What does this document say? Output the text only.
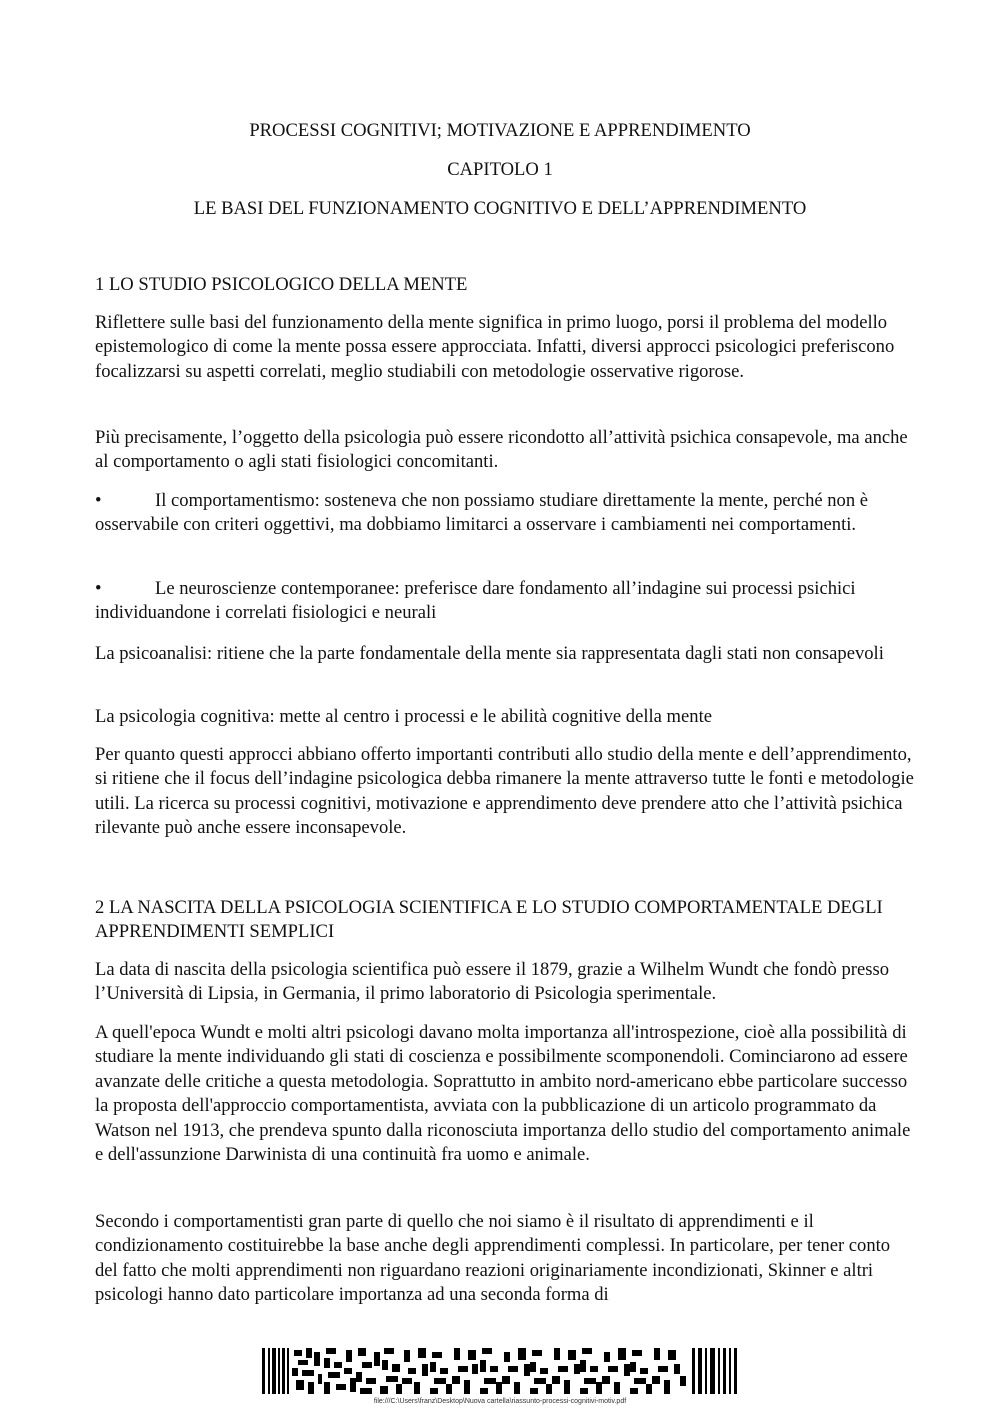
PROCESSI COGNITIVI; MOTIVAZIONE E APPRENDIMENTO
CAPITOLO 1
LE BASI DEL FUNZIONAMENTO COGNITIVO E DELL’APPRENDIMENTO
1 LO STUDIO PSICOLOGICO DELLA MENTE

Riflettere sulle basi del funzionamento della mente significa in primo luogo, porsi il problema del modello epistemologico di come la mente possa essere approcciata. Infatti, diversi approcci psicologici preferiscono focalizzarsi su aspetti correlati, meglio studiabili con metodologie osservative rigorose.

Più precisamente, l’oggetto della psicologia può essere ricondotto all’attività psichica consapevole, ma anche al comportamento o agli stati fisiologici concomitanti.

•	Il comportamentismo: sosteneva che non possiamo studiare direttamente la mente, perché non è osservabile con criteri oggettivi, ma dobbiamo limitarci a osservare i cambiamenti nei comportamenti.
•	Le neuroscienze contemporanee: preferisce dare fondamento all’indagine sui processi psichici individuandone i correlati fisiologici e neurali

La psicoanalisi: ritiene che la parte fondamentale della mente sia rappresentata dagli stati non consapevoli

La psicologia cognitiva: mette al centro i processi e le abilità cognitive della mente

Per quanto questi approcci abbiano offerto importanti contributi allo studio della mente e dell’apprendimento, si ritiene che il focus dell’indagine psicologica debba rimanere la mente attraverso tutte le fonti e metodologie utili. La ricerca su processi cognitivi, motivazione e apprendimento deve prendere atto che l’attività psichica rilevante può anche essere inconsapevole.

2 LA NASCITA DELLA PSICOLOGIA SCIENTIFICA E LO STUDIO COMPORTAMENTALE DEGLI APPRENDIMENTI SEMPLICI

La data di nascita della psicologia scientifica può essere il 1879, grazie a Wilhelm Wundt che fondò presso l’Università di Lipsia, in Germania, il primo laboratorio di Psicologia sperimentale.

A quell'epoca Wundt e molti altri psicologi davano molta importanza all'introspezione, cioè alla possibilità di studiare la mente individuando gli stati di coscienza e possibilmente scomponendoli. Cominciarono ad essere avanzate delle critiche a questa metodologia. Soprattutto in ambito nord-americano ebbe particolare successo la proposta dell'approccio comportamentista, avviata con la pubblicazione di un articolo programmato da Watson nel 1913, che prendeva spunto dalla riconosciuta importanza dello studio del comportamento animale e dell'assunzione Darwinista di una continuità fra uomo e animale.

Secondo i comportamentisti gran parte di quello che noi siamo è il risultato di apprendimenti e il condizionamento costituirebbe la base anche degli apprendimenti complessi. In particolare, per tener conto del fatto che molti apprendimenti non riguardano reazioni originariamente incondizionati, Skinner e altri psicologi hanno dato particolare importanza ad una seconda forma di

file:///C:\Users\franz\Desktop\Nuova cartella\riassunto-processi-cognitivi-motiv.pdf
